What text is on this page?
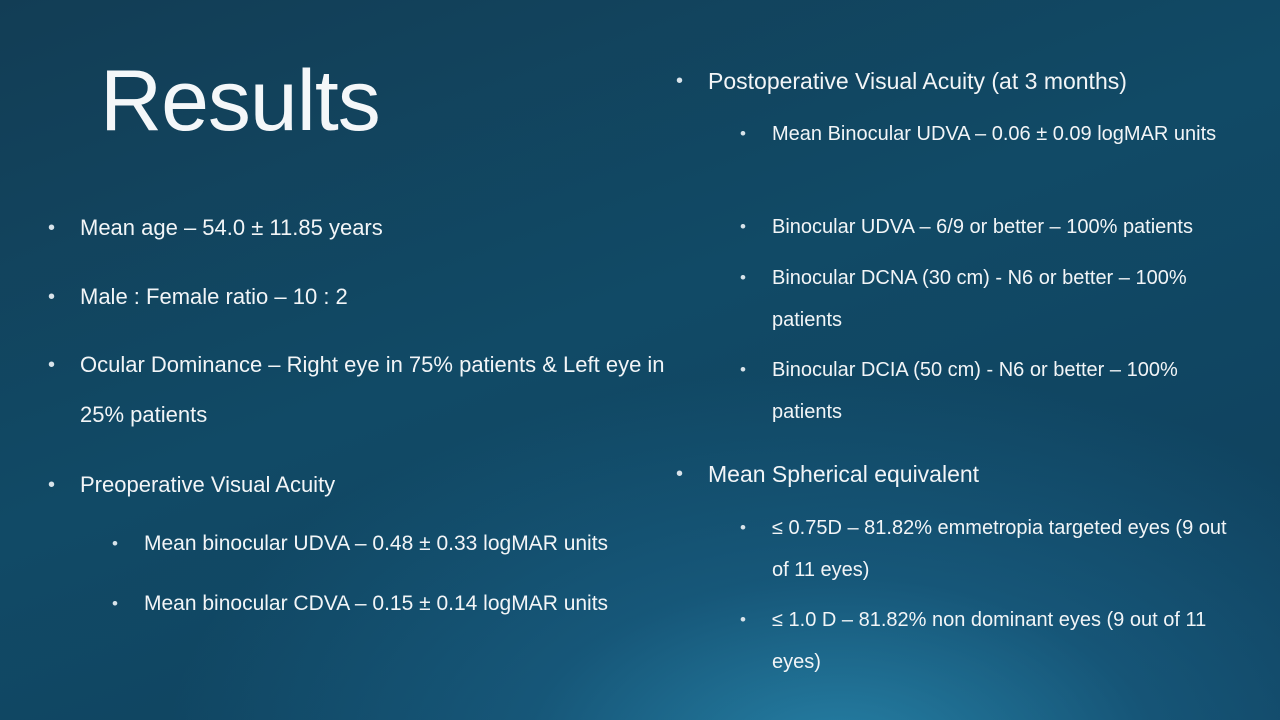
Results
• Mean age – 54.0 ± 11.85 years
• Male : Female ratio – 10 : 2
• Ocular Dominance – Right eye in 75% patients & Left eye in 25% patients
• Preoperative Visual Acuity
• Mean binocular UDVA – 0.48 ± 0.33 logMAR units
• Mean binocular CDVA – 0.15 ± 0.14 logMAR units
• Postoperative Visual Acuity (at 3 months)
• Mean Binocular UDVA – 0.06 ± 0.09 logMAR units
• Binocular UDVA – 6/9 or better – 100% patients
• Binocular DCNA (30 cm) - N6 or better – 100% patients
• Binocular DCIA (50 cm) - N6 or better – 100% patients
• Mean Spherical equivalent
• ≤ 0.75D – 81.82% emmetropia targeted eyes (9 out of 11 eyes)
• ≤ 1.0 D – 81.82% non dominant eyes (9 out of 11 eyes)
